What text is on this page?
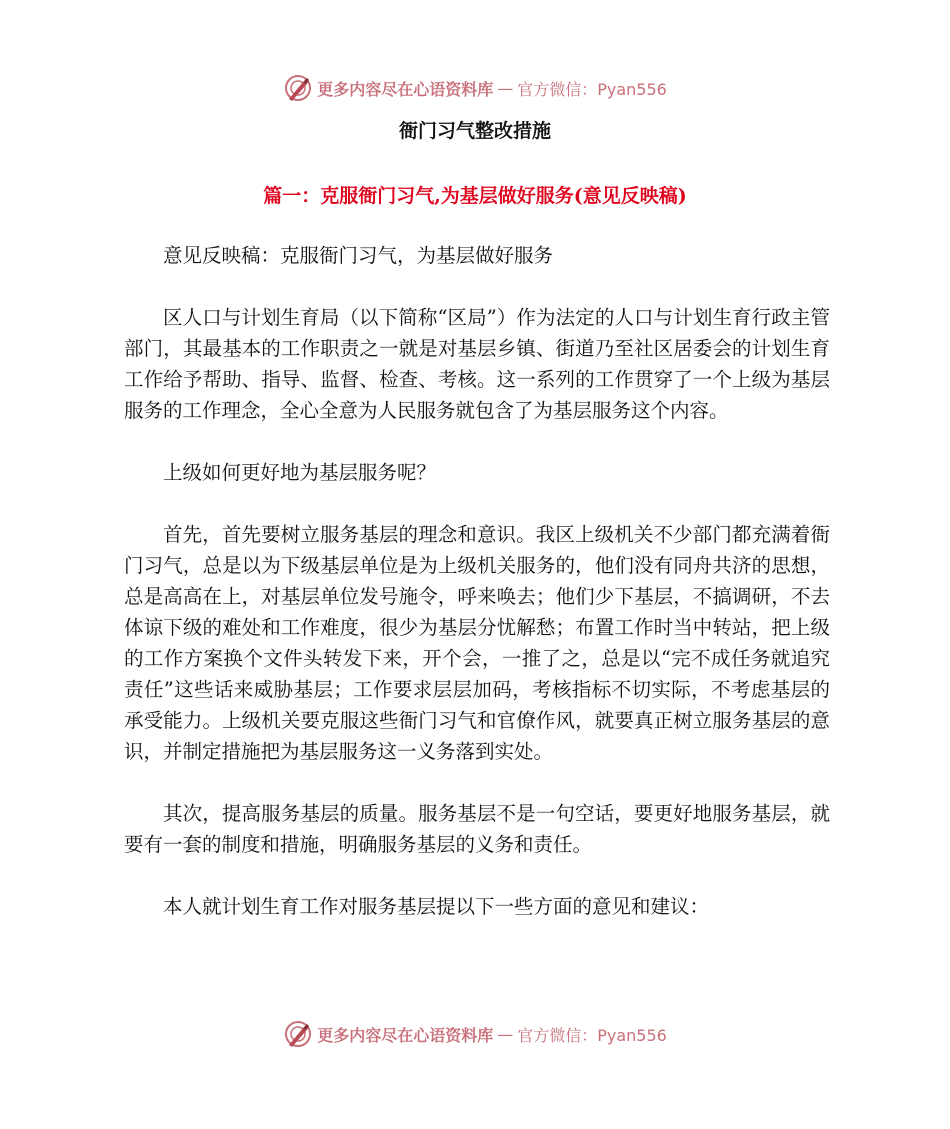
更多内容尽在心语资料库 — 官方微信：Pyan556
衙门习气整改措施
篇一：克服衙门习气,为基层做好服务(意见反映稿)

意见反映稿：克服衙门习气，为基层做好服务

区人口与计划生育局（以下简称“区局”）作为法定的人口与计划生育行政主管部门，其最基本的工作职责之一就是对基层乡镇、街道乃至社区居委会的计划生育工作给予帮助、指导、监督、检查、考核。这一系列的工作贯穿了一个上级为基层服务的工作理念，全心全意为人民服务就包含了为基层服务这个内容。

上级如何更好地为基层服务呢？

首先，首先要树立服务基层的理念和意识。我区上级机关不少部门都充满着衙门习气，总是以为下级基层单位是为上级机关服务的，他们没有同舟共济的思想，总是高高在上，对基层单位发号施令，呼来唤去；他们少下基层，不搞调研，不去体谅下级的难处和工作难度，很少为基层分忧解愁；布置工作时当中转站，把上级的工作方案换个文件头转发下来，开个会，一推了之，总是以“完不成任务就追究责任”这些话来威胁基层；工作要求层层加码，考核指标不切实际，不考虑基层的承受能力。上级机关要克服这些衙门习气和官僚作风，就要真正树立服务基层的意识，并制定措施把为基层服务这一义务落到实处。

其次，提高服务基层的质量。服务基层不是一句空话，要更好地服务基层，就要有一套的制度和措施，明确服务基层的义务和责任。

本人就计划生育工作对服务基层提以下一些方面的意见和建议：

更多内容尽在心语资料库 — 官方微信：Pyan556
